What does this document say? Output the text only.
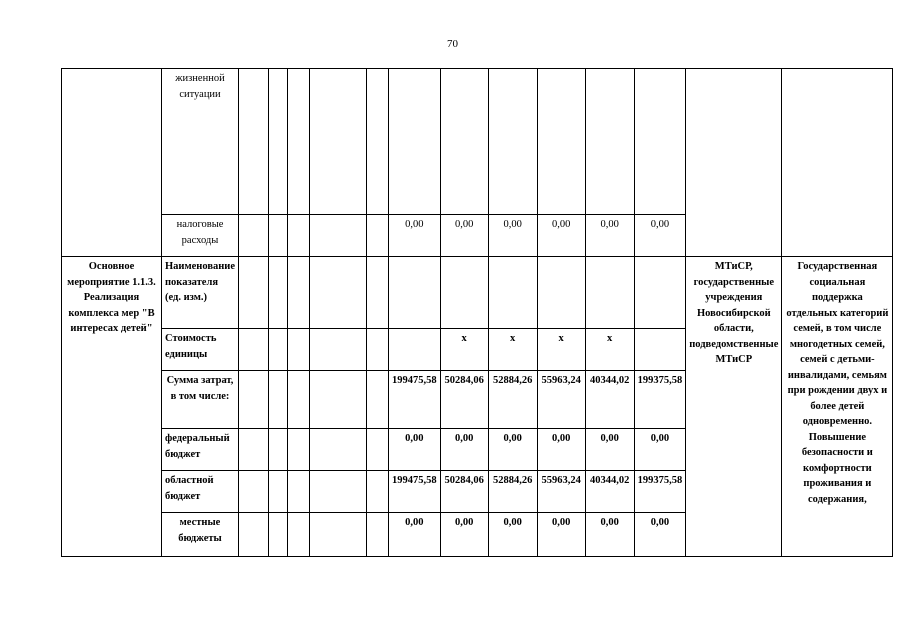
70
	жизненной ситуации													
	налоговые расходы						0,00	0,00	0,00	0,00	0,00	0,00		
Основное мероприятие 1.1.3. Реализация комплекса мер "В интересах детей"	Наименование показателя (ед. изм.)												МТиСР, государственные учреждения Новосибирской области, подведомственные МТиСР	Государственная социальная поддержка отдельных категорий семей, в том числе многодетных семей, семей с детьми-инвалидами, семьям при рождении двух и более детей одновременно. Повышение безопасности и комфортности проживания и содержания,
	Стоимость единицы							x	x	x	x			
	Сумма затрат, в том числе:						199475,58	50284,06	52884,26	55963,24	40344,02	199375,58		
	федеральный бюджет						0,00	0,00	0,00	0,00	0,00	0,00		
	областной бюджет						199475,58	50284,06	52884,26	55963,24	40344,02	199375,58		
	местные бюджеты						0,00	0,00	0,00	0,00	0,00	0,00		
